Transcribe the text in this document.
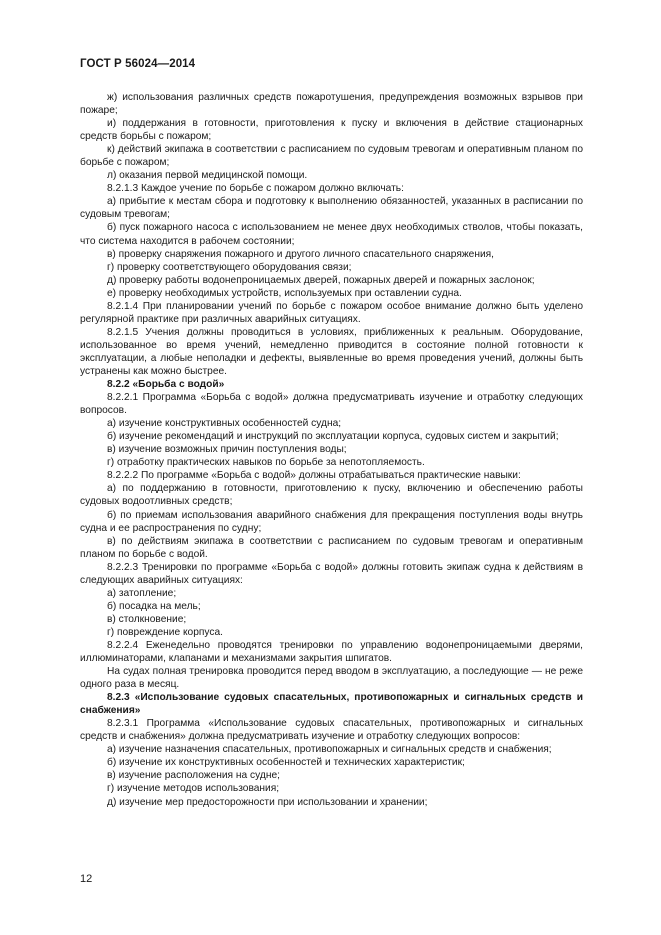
ГОСТ Р 56024—2014

ж) использования различных средств пожаротушения, предупреждения возможных взрывов при пожаре;

и) поддержания в готовности, приготовления к пуску и включения в действие стационарных средств борьбы с пожаром;

к) действий экипажа в соответствии с расписанием по судовым тревогам и оперативным планом по борьбе с пожаром;

л) оказания первой медицинской помощи.

8.2.1.3 Каждое учение по борьбе с пожаром должно включать:

а) прибытие к местам сбора и подготовку к выполнению обязанностей, указанных в расписании по судовым тревогам;

б) пуск пожарного насоса с использованием не менее двух необходимых стволов, чтобы показать, что система находится в рабочем состоянии;

в) проверку снаряжения пожарного и другого личного спасательного снаряжения,

г) проверку соответствующего оборудования связи;

д) проверку работы водонепроницаемых дверей, пожарных дверей и пожарных заслонок;

е) проверку необходимых устройств, используемых при оставлении судна.

8.2.1.4 При планировании учений по борьбе с пожаром особое внимание должно быть уделено регулярной практике при различных аварийных ситуациях.

8.2.1.5 Учения должны проводиться в условиях, приближенных к реальным. Оборудование, использованное во время учений, немедленно приводится в состояние полной готовности к эксплуатации, а любые неполадки и дефекты, выявленные во время проведения учений, должны быть устранены как можно быстрее.

8.2.2 «Борьба с водой»

8.2.2.1 Программа «Борьба с водой» должна предусматривать изучение и отработку следующих вопросов.

а) изучение конструктивных особенностей судна;

б) изучение рекомендаций и инструкций по эксплуатации корпуса, судовых систем и закрытий;

в) изучение возможных причин поступления воды;

г) отработку практических навыков по борьбе за непотопляемость.

8.2.2.2 По программе «Борьба с водой» должны отрабатываться практические навыки:

а) по поддержанию в готовности, приготовлению к пуску, включению и обеспечению работы судовых водоотливных средств;

б) по приемам использования аварийного снабжения для прекращения поступления воды внутрь судна и ее распространения по судну;

в) по действиям экипажа в соответствии с расписанием по судовым тревогам и оперативным планом по борьбе с водой.

8.2.2.3 Тренировки по программе «Борьба с водой» должны готовить экипаж судна к действиям в следующих аварийных ситуациях:

а) затопление;

б) посадка на мель;

в) столкновение;

г) повреждение корпуса.

8.2.2.4 Еженедельно проводятся тренировки по управлению водонепроницаемыми дверями, иллюминаторами, клапанами и механизмами закрытия шпигатов.

На судах полная тренировка проводится перед вводом в эксплуатацию, а последующие — не реже одного раза в месяц.

8.2.3 «Использование судовых спасательных, противопожарных и сигнальных средств и снабжения»

8.2.3.1 Программа «Использование судовых спасательных, противопожарных и сигнальных средств и снабжения» должна предусматривать изучение и отработку следующих вопросов:

а) изучение назначения спасательных, противопожарных и сигнальных средств и снабжения;

б) изучение их конструктивных особенностей и технических характеристик;

в) изучение расположения на судне;

г) изучение методов использования;

д) изучение мер предосторожности при использовании и хранении;

12
